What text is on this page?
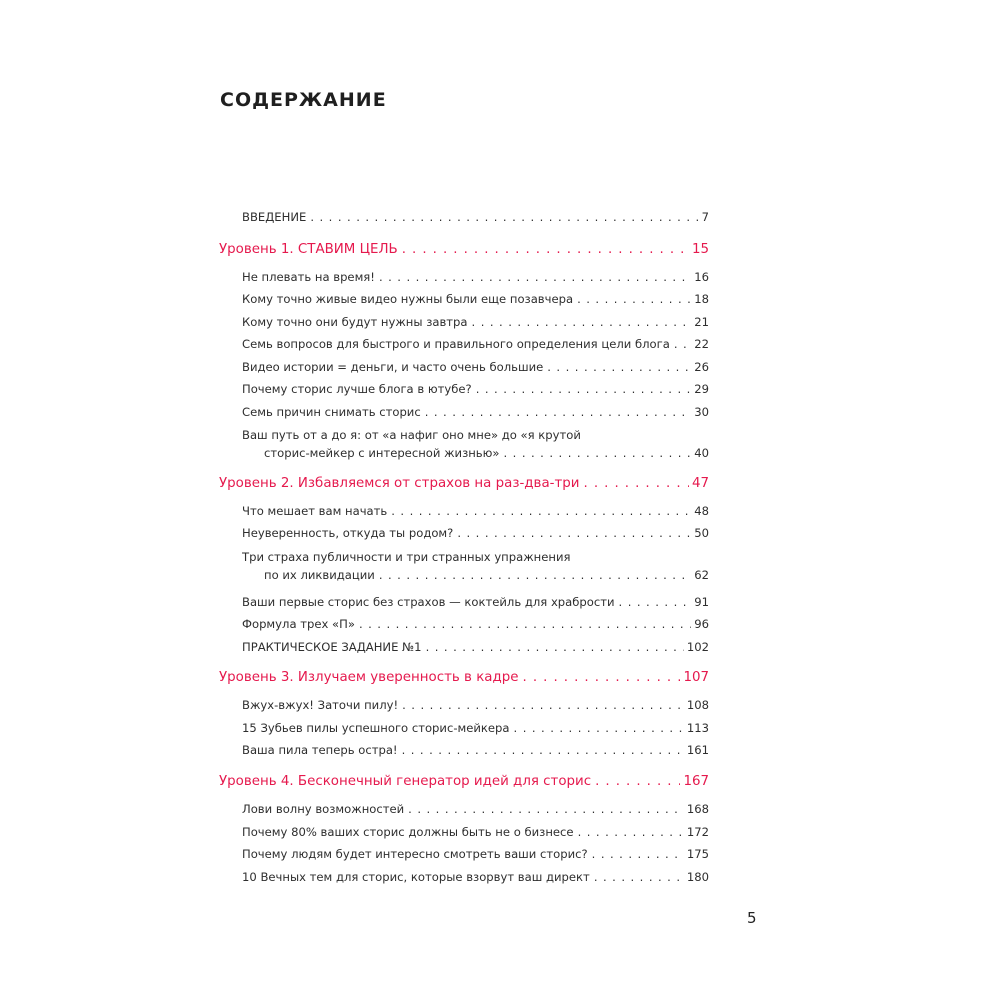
СОДЕРЖАНИЕ
ВВЕДЕНИЕ . . .	7
Уровень 1. СТАВИМ ЦЕЛЬ . . .	15
Не плевать на время! . . .	16
Кому точно живые видео нужны были еще позавчера . . .	18
Кому точно они будут нужны завтра . . .	21
Семь вопросов для быстрого и правильного определения цели блога . . . 22
Видео истории = деньги, и часто очень большие . . .	26
Почему сторис лучше блога в ютубе? . . .	29
Семь причин снимать сторис . . .	30
Ваш путь от а до я: от «а нафиг оно мне» до «я крутой
сторис-мейкер с интересной жизнью» . . .	40
Уровень 2. Избавляемся от страхов на раз-два-три . . .	47
Что мешает вам начать . . .	48
Неуверенность, откуда ты родом? . . .	50
Три страха публичности и три странных упражнения
по их ликвидации . . .	62
Ваши первые сторис без страхов — коктейль для храбрости . . .	91
Формула трех «П» . . .	96
ПРАКТИЧЕСКОЕ ЗАДАНИЕ №1 . . .	102
Уровень 3. Излучаем уверенность в кадре . . .	107
Вжух-вжух! Заточи пилу! . . .	108
15 Зубьев пилы успешного сторис-мейкера . . .	113
Ваша пила теперь остра! . . .	161
Уровень 4. Бесконечный генератор идей для сторис . . .	167
Лови волну возможностей . . .	168
Почему 80% ваших сторис должны быть не о бизнесе . . .	172
Почему людям будет интересно смотреть ваши сторис? . . .	175
10 Вечных тем для сторис, которые взорвут ваш директ . . .	180

5
